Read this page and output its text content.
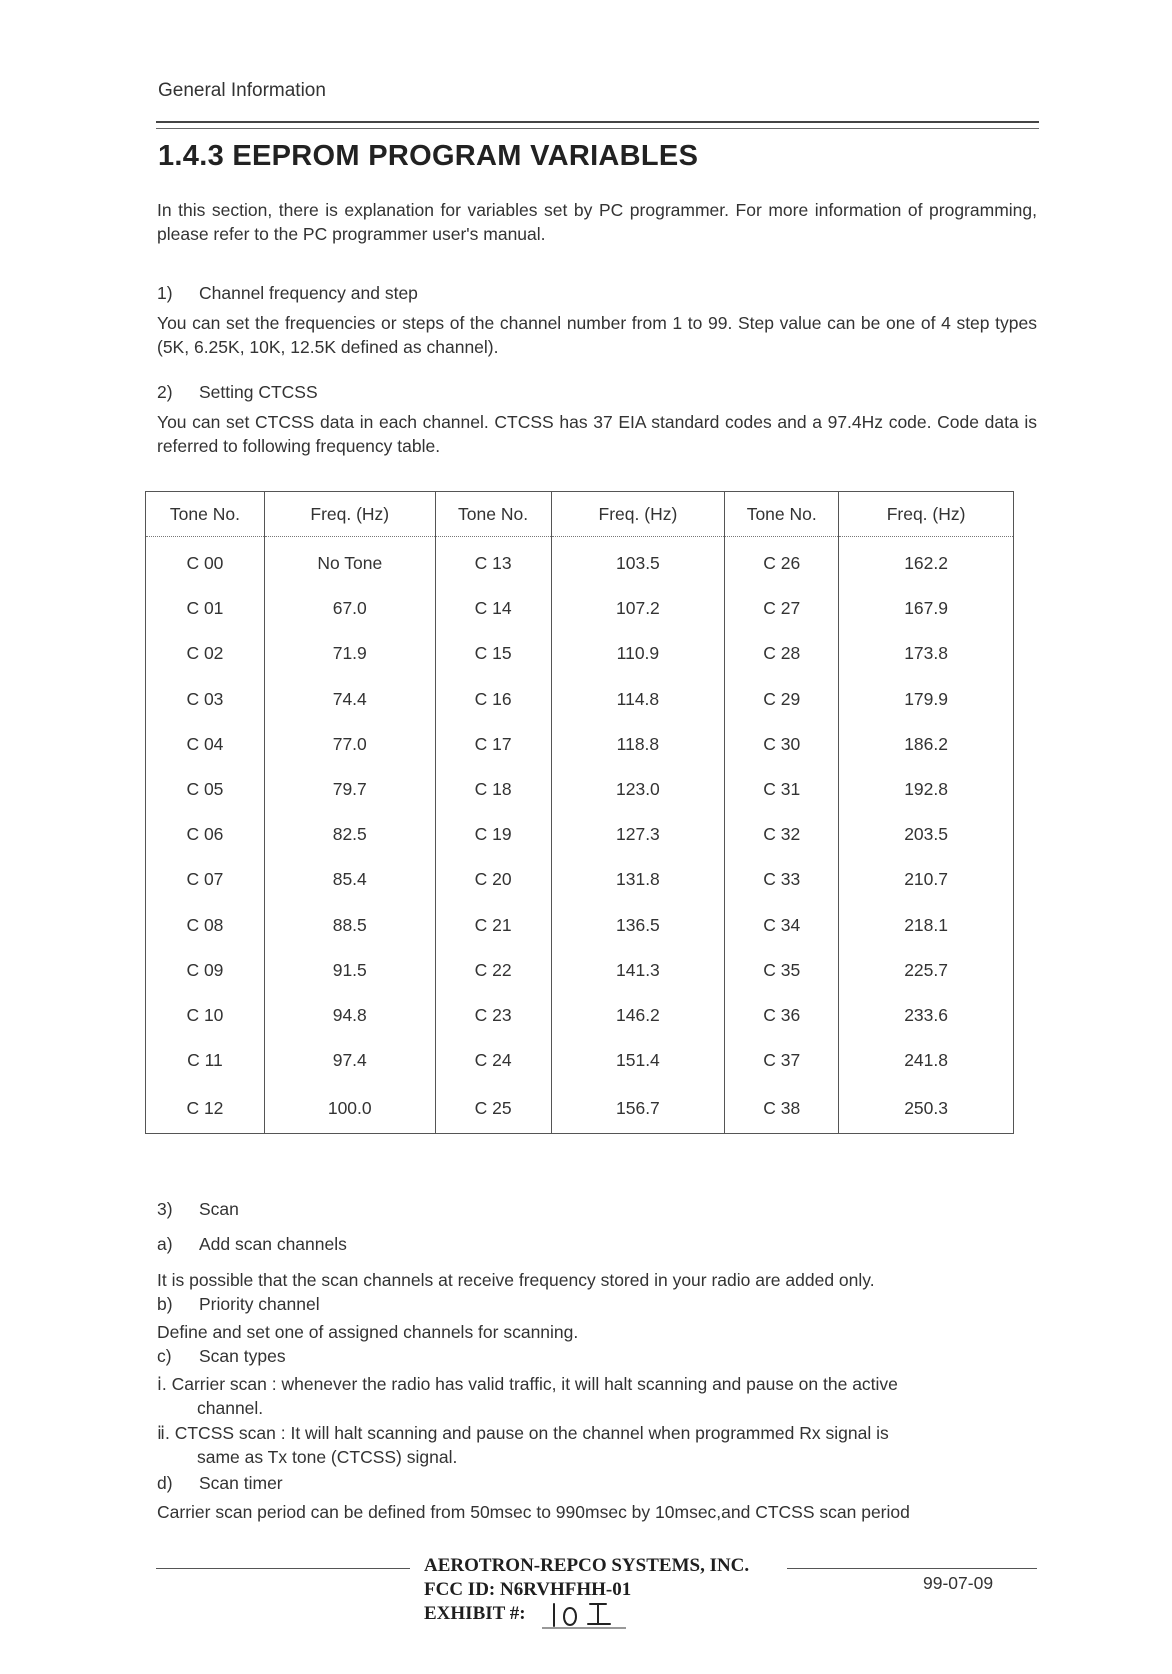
General Information
1.4.3 EEPROM PROGRAM VARIABLES

In this section, there is explanation for variables set by PC programmer. For more information of programming, please refer to the PC programmer user's manual.

1) Channel frequency and step

You can set the frequencies or steps of the channel number from 1 to 99. Step value can be one of 4 step types (5K, 6.25K, 10K, 12.5K defined as channel).

2) Setting CTCSS

You can set CTCSS data in each channel. CTCSS has 37 EIA standard codes and a 97.4Hz code. Code data is referred to following frequency table.

Tone No.	Freq. (Hz)	Tone No.	Freq. (Hz)	Tone No.	Freq. (Hz)
C 00	No Tone	C 13	103.5	C 26	162.2
C 01	67.0	C 14	107.2	C 27	167.9
C 02	71.9	C 15	110.9	C 28	173.8
C 03	74.4	C 16	114.8	C 29	179.9
C 04	77.0	C 17	118.8	C 30	186.2
C 05	79.7	C 18	123.0	C 31	192.8
C 06	82.5	C 19	127.3	C 32	203.5
C 07	85.4	C 20	131.8	C 33	210.7
C 08	88.5	C 21	136.5	C 34	218.1
C 09	91.5	C 22	141.3	C 35	225.7
C 10	94.8	C 23	146.2	C 36	233.6
C 11	97.4	C 24	151.4	C 37	241.8
C 12	100.0	C 25	156.7	C 38	250.3
3) Scan
a) Add scan channels

It is possible that the scan channels at receive frequency stored in your radio are added only.

b) Priority channel

Define and set one of assigned channels for scanning.

c) Scan types

ⅰ. Carrier scan : whenever the radio has valid traffic, it will halt scanning and pause on the active

channel.

ⅱ. CTCSS scan : It will halt scanning and pause on the channel when programmed Rx signal is

same as Tx tone (CTCSS) signal.

d) Scan timer

Carrier scan period can be defined from 50msec to 990msec by 10msec,and CTCSS scan period

AEROTRON-REPCO SYSTEMS, INC.
FCC ID: N6RVHFHH-01
EXHIBIT #:
99-07-09
